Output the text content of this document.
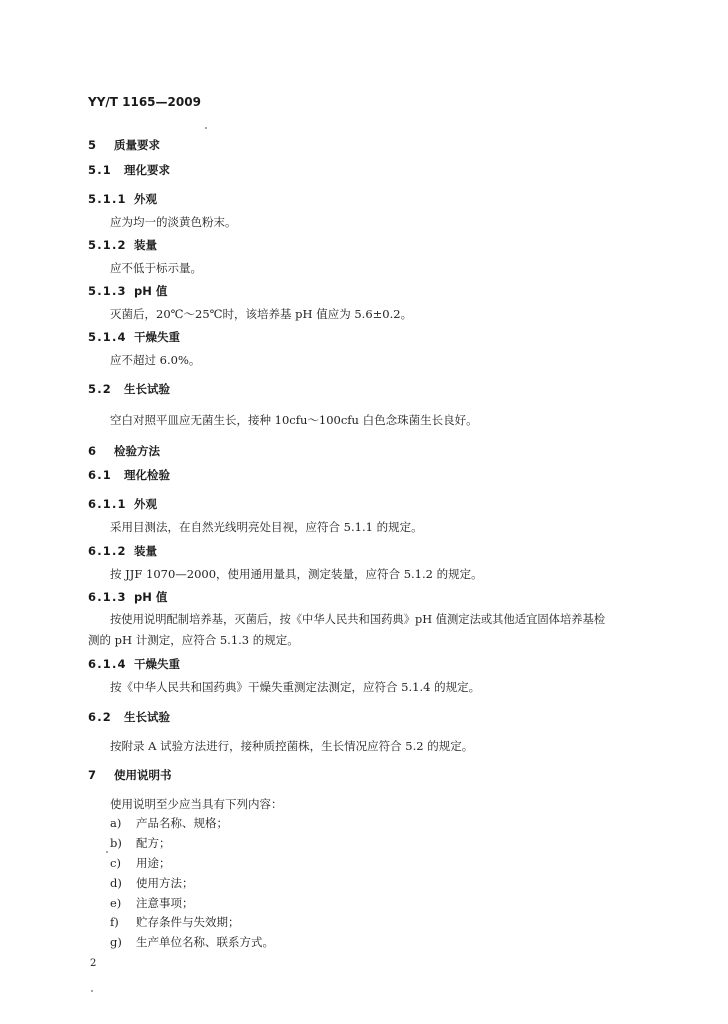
YY/T 1165—2009
5 质量要求
5.1 理化要求
5.1.1 外观
应为均一的淡黄色粉末。
5.1.2 装量
应不低于标示量。
5.1.3 pH 值
灭菌后，20℃～25℃时，该培养基 pH 值应为 5.6±0.2。
5.1.4 干燥失重
应不超过 6.0%。
5.2 生长试验
空白对照平皿应无菌生长，接种 10cfu～100cfu 白色念珠菌生长良好。
6 检验方法
6.1 理化检验
6.1.1 外观
采用目测法，在自然光线明亮处目视，应符合 5.1.1 的规定。
6.1.2 装量
按 JJF 1070—2000，使用通用量具，测定装量，应符合 5.1.2 的规定。
6.1.3 pH 值
按使用说明配制培养基，灭菌后，按《中华人民共和国药典》pH 值测定法或其他适宜固体培养基检
测的 pH 计测定，应符合 5.1.3 的规定。
6.1.4 干燥失重
按《中华人民共和国药典》干燥失重测定法测定，应符合 5.1.4 的规定。
6.2 生长试验
按附录 A 试验方法进行，接种质控菌株，生长情况应符合 5.2 的规定。
7 使用说明书
使用说明至少应当具有下列内容：
a) 产品名称、规格；
b) 配方；
c) 用途；
d) 使用方法；
e) 注意事项；
f) 贮存条件与失效期；
g) 生产单位名称、联系方式。
2
